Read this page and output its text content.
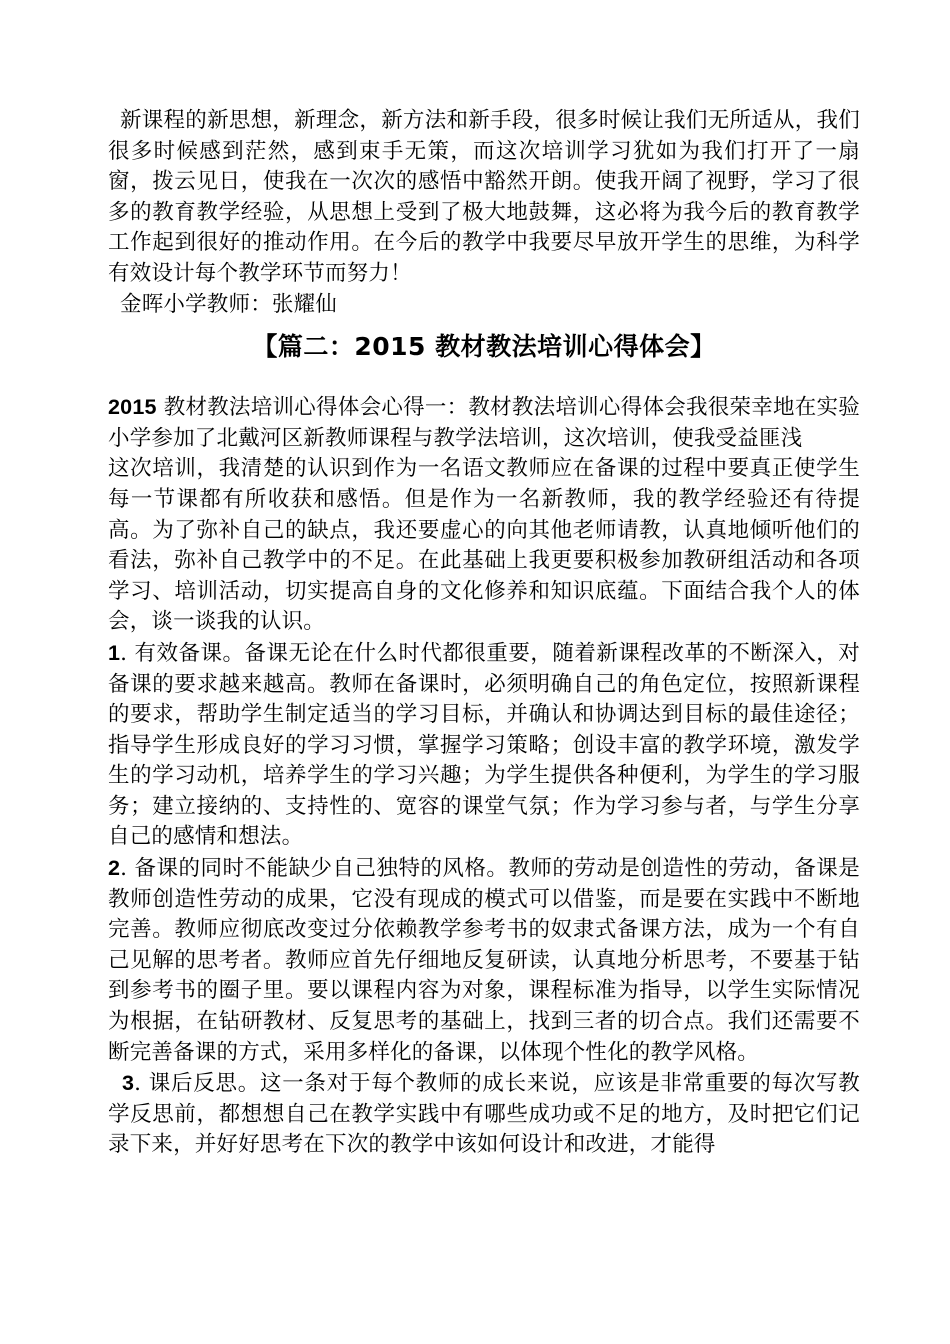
新课程的新思想，新理念，新方法和新手段，很多时候让我们无所适从，我们很多时候感到茫然，感到束手无策，而这次培训学习犹如为我们打开了一扇窗，拨云见日，使我在一次次的感悟中豁然开朗。使我开阔了视野，学习了很多的教育教学经验，从思想上受到了极大地鼓舞，这必将为我今后的教育教学工作起到很好的推动作用。在今后的教学中我要尽早放开学生的思维，为科学有效设计每个教学环节而努力！

金晖小学教师：张耀仙

【篇二：2015 教材教法培训心得体会】

2015 教材教法培训心得体会心得一：教材教法培训心得体会我很荣幸地在实验小学参加了北戴河区新教师课程与教学法培训，这次培训，使我受益匪浅

这次培训，我清楚的认识到作为一名语文教师应在备课的过程中要真正使学生每一节课都有所收获和感悟。但是作为一名新教师，我的教学经验还有待提高。为了弥补自己的缺点，我还要虚心的向其他老师请教，认真地倾听他们的看法，弥补自己教学中的不足。在此基础上我更要积极参加教研组活动和各项学习、培训活动，切实提高自身的文化修养和知识底蕴。下面结合我个人的体会，谈一谈我的认识。

1. 有效备课。备课无论在什么时代都很重要，随着新课程改革的不断深入，对备课的要求越来越高。教师在备课时，必须明确自己的角色定位，按照新课程的要求，帮助学生制定适当的学习目标，并确认和协调达到目标的最佳途径；指导学生形成良好的学习习惯，掌握学习策略；创设丰富的教学环境，激发学生的学习动机，培养学生的学习兴趣；为学生提供各种便利，为学生的学习服务；建立接纳的、支持性的、宽容的课堂气氛；作为学习参与者，与学生分享自己的感情和想法。

2. 备课的同时不能缺少自己独特的风格。教师的劳动是创造性的劳动，备课是教师创造性劳动的成果，它没有现成的模式可以借鉴，而是要在实践中不断地完善。教师应彻底改变过分依赖教学参考书的奴隶式备课方法，成为一个有自己见解的思考者。教师应首先仔细地反复研读，认真地分析思考，不要基于钻到参考书的圈子里。要以课程内容为对象，课程标准为指导，以学生实际情况为根据，在钻研教材、反复思考的基础上，找到三者的切合点。我们还需要不断完善备课的方式，采用多样化的备课，以体现个性化的教学风格。

3. 课后反思。这一条对于每个教师的成长来说，应该是非常重要的每次写教学反思前，都想想自己在教学实践中有哪些成功或不足的地方，及时把它们记录下来，并好好思考在下次的教学中该如何设计和改进，才能得
